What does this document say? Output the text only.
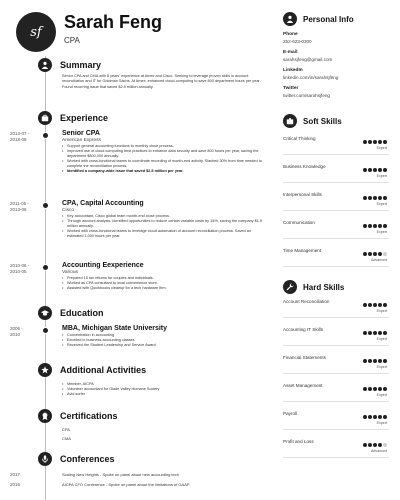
sf Sarah Feng
CPA
Summary
Senior CPA and CMA with 8 years' experience at Amex and Cisco. Seeking to leverage proven skills in account reconciliation and IT for Goldman Sachs. At Amex, enhanced cloud-computing to save 800 department hours per year. Found recurring issue that saved $2.5 million annually.
Experience
2013-07 -
2018-08
Senior CPA
American Express
• Support general accounting functions to monthly close process.
• Improved use of cloud computing best practices to enhance data security and save 800 hours per year, saving the department $800,000 annually.
• Worked with cross-functional teams to coordinate recording of month-end activity. Slashed 30% from time needed to complete the reconciliation process.
• Identified a company-wide issue that saved $2.5 million per year.
2011-05 -
2013-06
CPA, Capital Accounting
Cisco
• Key accountant, Cisco global team month-end close process.
• Through account analysis, identified opportunities to reduce certain variable costs by 15%, saving the company $1.5 million annually.
• Worked with cross-functional teams to leverage cloud automation of account reconciliation process. Saved an estimated 1,000 hours per year.
2010-06 -
2010-05
Accounting Eexperience
Various
• Prepared 15 tax returns for couples and individuals.
• Worked as CPA consultant to local convenience store.
• Assisted with Quickbooks cleanup for a tech hardware firm.
Education
2006 -
2010
MBA, Michigan State University
• Concentration in accounting
• Excelled in business accounting classes
• Received the Student Leadership and Service Award
Additional Activities
• Member, AICPA
• Volunteer accountant for Glade Valley Humane Society
• Avid surfer
Certifications
CPA
CMA
Conferences
2017	Scaling New Heights - Spoke on panel about new accounting tech
2016	AICPA CFO Conference - Spoke on panel about the limitations of GAAP
Personal Info
Phone
252-623-0300
E-mail
sarahsjfeng@gmail.com
LinkedIn
linkedin.com/in/sarahsjfeng
Twitter
twitter.com/sarahsjfeng
Soft Skills
Critical Thinking
Expert
Business Knowledge
Expert
Interpersonal Skills
Expert
Communication
Expert
Time Management
Advanced
Hard Skills
Account Reconciliation
Expert
Accounting IT Skills
Expert
Financial Statements
Expert
Asset Management
Expert
Payroll
Expert
Profit and Loss
Advanced
